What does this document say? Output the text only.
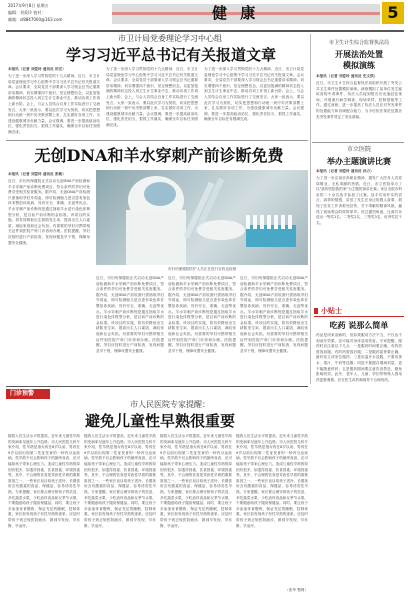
2017年9月8日 星期五
编辑：刘爱玲 校对：
邮箱：sl8847000@163.com	健 康	5
市卫计局党委理论学习中心组
学习习近平总书记有关报道文章
本报讯（记者 刘爱玲 通讯员 田宏）
为了进一步深入学习贯彻党的十九大精神，近日，市卫计局党委理论学习中心组集中学习习近平总书记有关报道文章。会议要求，全局党员干部要深入学习领会总书记重要讲话精神，切实增强四个意识，坚定理想信念，以更加饱满的精神状态投入到卫生计生事业中去，推动各项工作再上新台阶。会上，与会人员结合自身工作实际进行了交流发言，大家一致表示，要以此次学习为契机，切实把思想和行动统一到中央决策部署上来，扎实做好各项工作，为建设健康城市贡献力量。会议强调，要进一步提高政治站位，强化责任担当，狠抓工作落实，确保全年目标任务圆满完成。
为了进一步深入学习贯彻党的十九大精神，近日，市卫计局党委理论学习中心组集中学习习近平总书记有关报道文章。会议要求，全局党员干部要深入学习领会总书记重要讲话精神，切实增强四个意识，坚定理想信念，以更加饱满的精神状态投入到卫生计生事业中去，推动各项工作再上新台阶。会上，与会人员结合自身工作实际进行了交流发言，大家一致表示，要以此次学习为契机，切实把思想和行动统一到中央决策部署上来，扎实做好各项工作，为建设健康城市贡献力量。会议强调，要进一步提高政治站位，强化责任担当，狠抓工作落实，确保全年目标任务圆满完成。
为了进一步深入学习贯彻党的十九大精神，近日，市卫计局党委理论学习中心组集中学习习近平总书记有关报道文章。会议要求，全局党员干部要深入学习领会总书记重要讲话精神，切实增强四个意识，坚定理想信念，以更加饱满的精神状态投入到卫生计生事业中去，推动各项工作再上新台阶。会上，与会人员结合自身工作实际进行了交流发言，大家一致表示，要以此次学习为契机，切实把思想和行动统一到中央决策部署上来，扎实做好各项工作，为建设健康城市贡献力量。会议强调，要进一步提高政治站位，强化责任担当，狠抓工作落实，确保全年目标任务圆满完成。
市卫生计生综合监督执法局
开展法治处置
模拟演练
本报讯（记者 刘爱玲 通讯员 史文凯）
近日，市卫生计生综合监督执法局组织开展了突发公共卫生事件处置模拟演练。演练模拟了某单位发生疑似食物中毒事件，执法人员接到报告后迅速赶赴现场，开展流行病学调查、现场采样、控制措施等工作。通过演练，进一步提高了执法人员应对突发事件的处置能力和协调配合能力，为今后依法规范处置各类突发事件奠定了坚实基础。
无创DNA和羊水穿刺产前诊断免费
本报讯（记者 刘爱玲 通讯员 张敏）
近日，市妇幼保健院正式启动无创DNA产前检测和羊水穿刺产前诊断免费项目，符合条件的孕妇可免费享受相关检查服务。据介绍，无创DNA产前检测只需抽取孕妇外周血，即可检测胎儿是否患有染色体非整倍体疾病，具有安全、准确、无创等优点。羊水穿刺产前诊断则是通过抽取羊水进行染色体核型分析，是目前产前诊断的金标准。该项目的实施，将有效降低出生缺陷发生率，提高出生人口素质，减轻家庭和社会负担。有需要的孕妇可携带相关证件到医院产科门诊咨询办理。医院提醒，孕妇应按时进行产前检查，发现问题及早干预，保障母婴安全健康。
市妇幼保健院医护人员正在进行实验室检测
近日，市妇幼保健院正式启动无创DNA产前检测和羊水穿刺产前诊断免费项目，符合条件的孕妇可免费享受相关检查服务。据介绍，无创DNA产前检测只需抽取孕妇外周血，即可检测胎儿是否患有染色体非整倍体疾病，具有安全、准确、无创等优点。羊水穿刺产前诊断则是通过抽取羊水进行染色体核型分析，是目前产前诊断的金标准。该项目的实施，将有效降低出生缺陷发生率，提高出生人口素质，减轻家庭和社会负担。有需要的孕妇可携带相关证件到医院产科门诊咨询办理。医院提醒，孕妇应按时进行产前检查，发现问题及早干预，保障母婴安全健康。
近日，市妇幼保健院正式启动无创DNA产前检测和羊水穿刺产前诊断免费项目，符合条件的孕妇可免费享受相关检查服务。据介绍，无创DNA产前检测只需抽取孕妇外周血，即可检测胎儿是否患有染色体非整倍体疾病，具有安全、准确、无创等优点。羊水穿刺产前诊断则是通过抽取羊水进行染色体核型分析，是目前产前诊断的金标准。该项目的实施，将有效降低出生缺陷发生率，提高出生人口素质，减轻家庭和社会负担。有需要的孕妇可携带相关证件到医院产科门诊咨询办理。医院提醒，孕妇应按时进行产前检查，发现问题及早干预，保障母婴安全健康。
近日，市妇幼保健院正式启动无创DNA产前检测和羊水穿刺产前诊断免费项目，符合条件的孕妇可免费享受相关检查服务。据介绍，无创DNA产前检测只需抽取孕妇外周血，即可检测胎儿是否患有染色体非整倍体疾病，具有安全、准确、无创等优点。羊水穿刺产前诊断则是通过抽取羊水进行染色体核型分析，是目前产前诊断的金标准。该项目的实施，将有效降低出生缺陷发生率，提高出生人口素质，减轻家庭和社会负担。有需要的孕妇可携带相关证件到医院产科门诊咨询办理。医院提醒，孕妇应按时进行产前检查，发现问题及早干预，保障母婴安全健康。
市立医院
举办主题演讲比赛
本报讯（记者 刘爱玲 通讯员 孙力）
为了进一步弘扬崇高职业精神，激发广大医务人员爱岗敬业、无私奉献的热情，近日，市立医院举办了以"我的医院我的家"为主题的演讲比赛。来自全院各科室的二十余名选手参加了比赛。选手们用朴实的语言、真挚的情感，讲述了发生在身边的感人故事，展现了医务工作者救死扶伤、甘于奉献的精神风貌，赢得了现场观众的阵阵掌声。经过激烈角逐，比赛共评选出一等奖1名、二等奖2名、三等奖3名、优秀奖若干名。
小贴士
吃药 说那么简单
药品是用来治病的，但如果服用方法不当，不仅达不到治疗效果，还可能对身体造成伤害。专家提醒，服药时应注意以下几点：一是服药时间要正确，有的药需饭前服，有的药需饭后服；二是服药姿势要正确，最好站立或坐位服药；三是用温开水送服，不要用茶水、果汁、牛奶等送服；四是不要擅自增减剂量，更不能随意停药；五是服药期间要注意饮食禁忌，避免影响药效。此外，老年人、儿童、孕妇等特殊人群用药更要谨慎，应在医生或药师指导下合理用药。
门诊预警
市人民医院专家提醒：
避免儿童性早熟很重要
随着人们生活水平的提高，近年来儿童性早熟的发病率呈逐年上升趋势。市人民医院儿科专家介绍，性早熟是指女孩在8岁以前、男孩在9岁以前出现第二性征发育的一种内分泌疾病。性早熟不仅会影响孩子的最终身高，还可能给孩子带来心理压力。造成儿童性早熟的原因有很多，如遗传因素、饮食因素、环境因素等。其中，不合理的饮食是导致性早熟的重要原因之一。一些家长盲目给孩子进补，长期食用含有激素的食品、保健品，容易诱发性早熟。专家提醒，家长要合理安排孩子的饮食，多吃蔬菜水果，少吃油炸食品和反季节水果，不要随意给孩子服用保健品。同时，要让孩子多参加体育锻炼，保证充足的睡眠，控制体重。家长如发现孩子有性早熟的迹象，应及时带孩子到正规医院就诊，做到早发现、早诊断、早治疗。
随着人们生活水平的提高，近年来儿童性早熟的发病率呈逐年上升趋势。市人民医院儿科专家介绍，性早熟是指女孩在8岁以前、男孩在9岁以前出现第二性征发育的一种内分泌疾病。性早熟不仅会影响孩子的最终身高，还可能给孩子带来心理压力。造成儿童性早熟的原因有很多，如遗传因素、饮食因素、环境因素等。其中，不合理的饮食是导致性早熟的重要原因之一。一些家长盲目给孩子进补，长期食用含有激素的食品、保健品，容易诱发性早熟。专家提醒，家长要合理安排孩子的饮食，多吃蔬菜水果，少吃油炸食品和反季节水果，不要随意给孩子服用保健品。同时，要让孩子多参加体育锻炼，保证充足的睡眠，控制体重。家长如发现孩子有性早熟的迹象，应及时带孩子到正规医院就诊，做到早发现、早诊断、早治疗。
随着人们生活水平的提高，近年来儿童性早熟的发病率呈逐年上升趋势。市人民医院儿科专家介绍，性早熟是指女孩在8岁以前、男孩在9岁以前出现第二性征发育的一种内分泌疾病。性早熟不仅会影响孩子的最终身高，还可能给孩子带来心理压力。造成儿童性早熟的原因有很多，如遗传因素、饮食因素、环境因素等。其中，不合理的饮食是导致性早熟的重要原因之一。一些家长盲目给孩子进补，长期食用含有激素的食品、保健品，容易诱发性早熟。专家提醒，家长要合理安排孩子的饮食，多吃蔬菜水果，少吃油炸食品和反季节水果，不要随意给孩子服用保健品。同时，要让孩子多参加体育锻炼，保证充足的睡眠，控制体重。家长如发现孩子有性早熟的迹象，应及时带孩子到正规医院就诊，做到早发现、早诊断、早治疗。
随着人们生活水平的提高，近年来儿童性早熟的发病率呈逐年上升趋势。市人民医院儿科专家介绍，性早熟是指女孩在8岁以前、男孩在9岁以前出现第二性征发育的一种内分泌疾病。性早熟不仅会影响孩子的最终身高，还可能给孩子带来心理压力。造成儿童性早熟的原因有很多，如遗传因素、饮食因素、环境因素等。其中，不合理的饮食是导致性早熟的重要原因之一。一些家长盲目给孩子进补，长期食用含有激素的食品、保健品，容易诱发性早熟。专家提醒，家长要合理安排孩子的饮食，多吃蔬菜水果，少吃油炸食品和反季节水果，不要随意给孩子服用保健品。同时，要让孩子多参加体育锻炼，保证充足的睡眠，控制体重。家长如发现孩子有性早熟的迹象，应及时带孩子到正规医院就诊，做到早发现、早诊断、早治疗。
（张华 整理）
